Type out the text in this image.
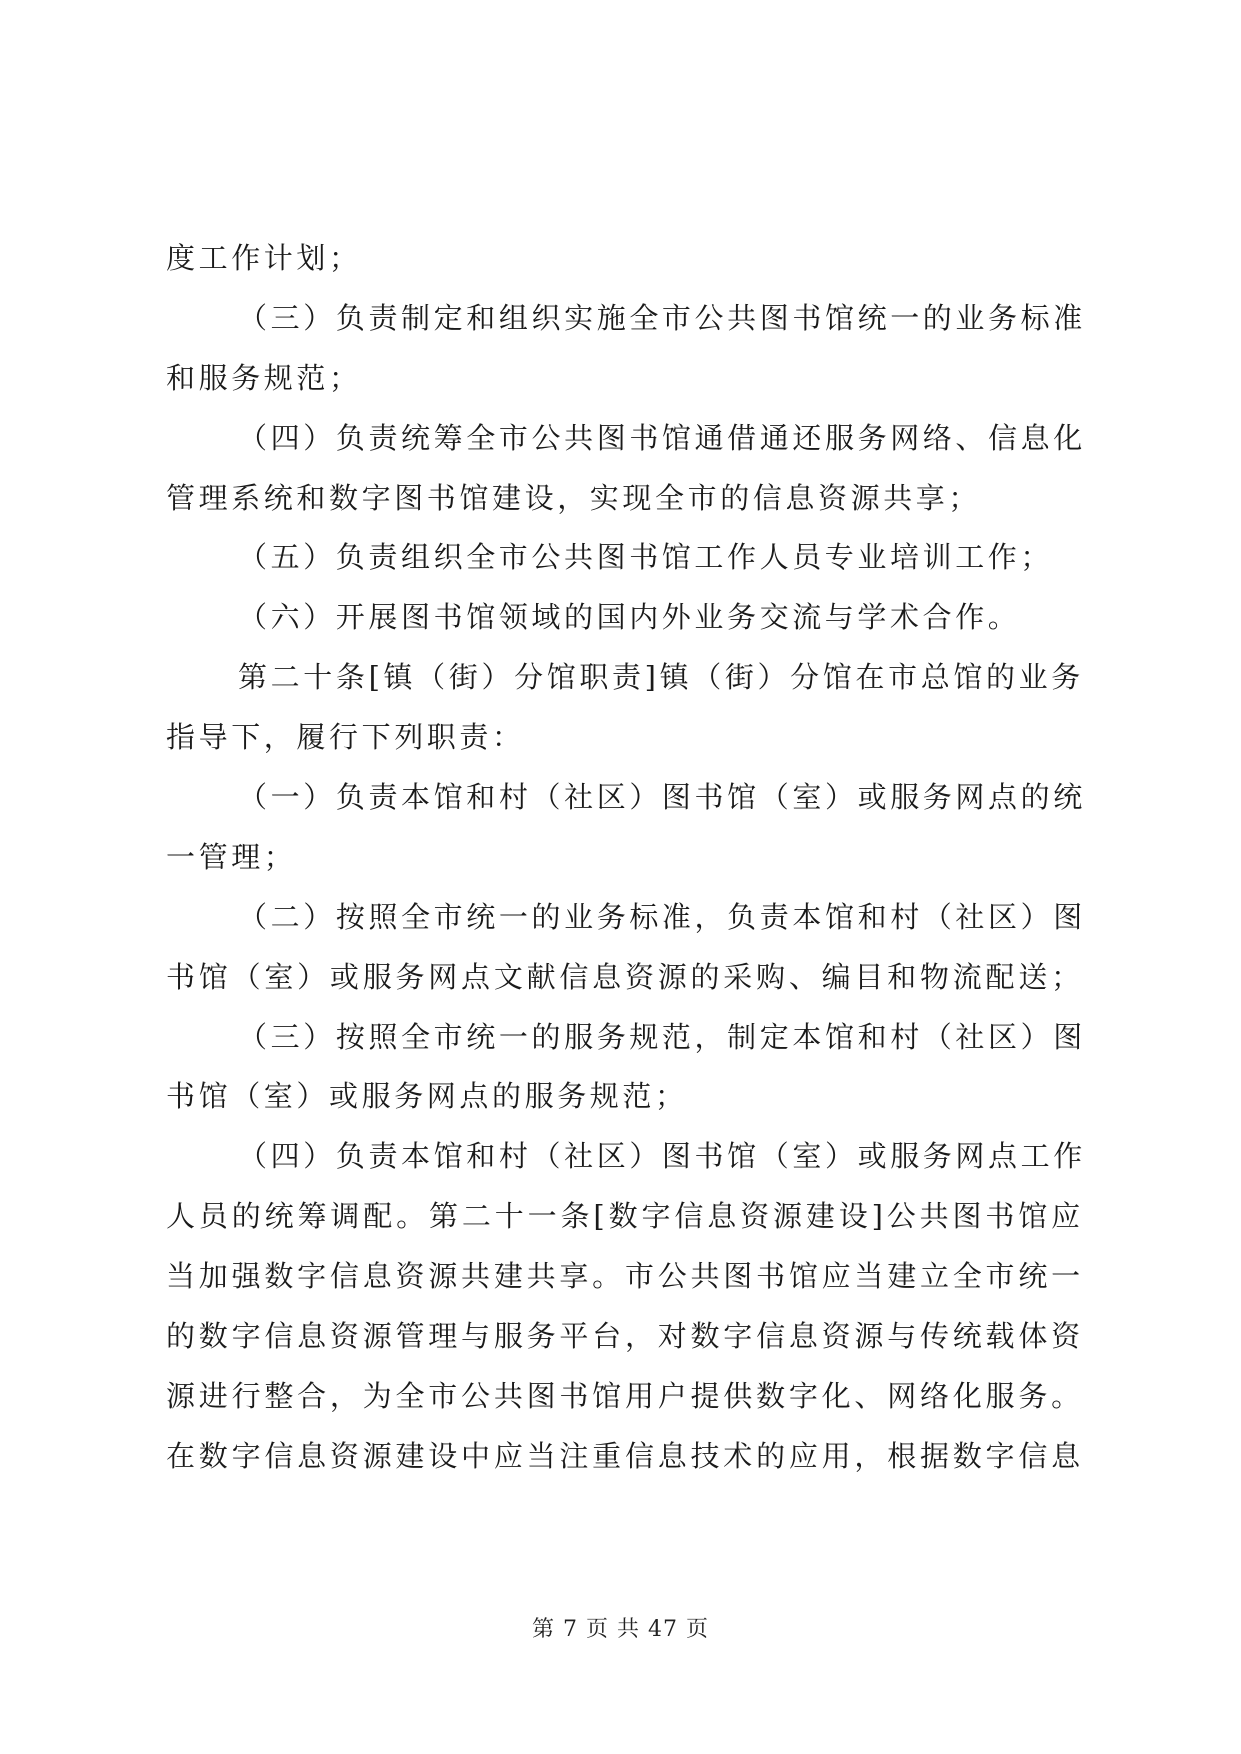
度工作计划；
（ 三 ） 负 责 制 定 和 组 织 实 施 全 市 公 共 图 书 馆 统 一 的 业 务 标 准
和服务规范；
（ 四 ） 负 责 统 筹 全 市 公 共 图 书 馆 通 借 通 还 服 务 网 络 、 信 息 化
管理系统和数字图书馆建设，实现全市的信息资源共享；
（五）负责组织全市公共图书馆工作人员专业培训工作；
（六）开展图书馆领域的国内外业务交流与学术合作。
第 二 十 条 [ 镇 （ 街 ） 分 馆 职 责 ] 镇 （ 街 ） 分 馆 在 市 总 馆 的 业 务
指导下，履行下列职责：
（ 一 ） 负 责 本 馆 和 村 （ 社 区 ） 图 书 馆 （ 室 ） 或 服 务 网 点 的 统
一管理；
（ 二 ） 按 照 全 市 统 一 的 业 务 标 准 ， 负 责 本 馆 和 村 （ 社 区 ） 图
书 馆 （ 室 ） 或 服 务 网 点 文 献 信 息 资 源 的 采 购 、 编 目 和 物 流 配 送 ；
（ 三 ） 按 照 全 市 统 一 的 服 务 规 范 ， 制 定 本 馆 和 村 （ 社 区 ） 图
书馆（室）或服务网点的服务规范；
（ 四 ） 负 责 本 馆 和 村 （ 社 区 ） 图 书 馆 （ 室 ） 或 服 务 网 点 工 作
人 员 的 统 筹 调 配 。 第 二 十 一 条 [ 数 字 信 息 资 源 建 设 ] 公 共 图 书 馆 应
当 加 强 数 字 信 息 资 源 共 建 共 享 。 市 公 共 图 书 馆 应 当 建 立 全 市 统 一
的 数 字 信 息 资 源 管 理 与 服 务 平 台 ， 对 数 字 信 息 资 源 与 传 统 载 体 资
源 进 行 整 合 ， 为 全 市 公 共 图 书 馆 用 户 提 供 数 字 化 、 网 络 化 服 务 。
在 数 字 信 息 资 源 建 设 中 应 当 注 重 信 息 技 术 的 应 用 ， 根 据 数 字 信 息
第 7 页 共 47 页
